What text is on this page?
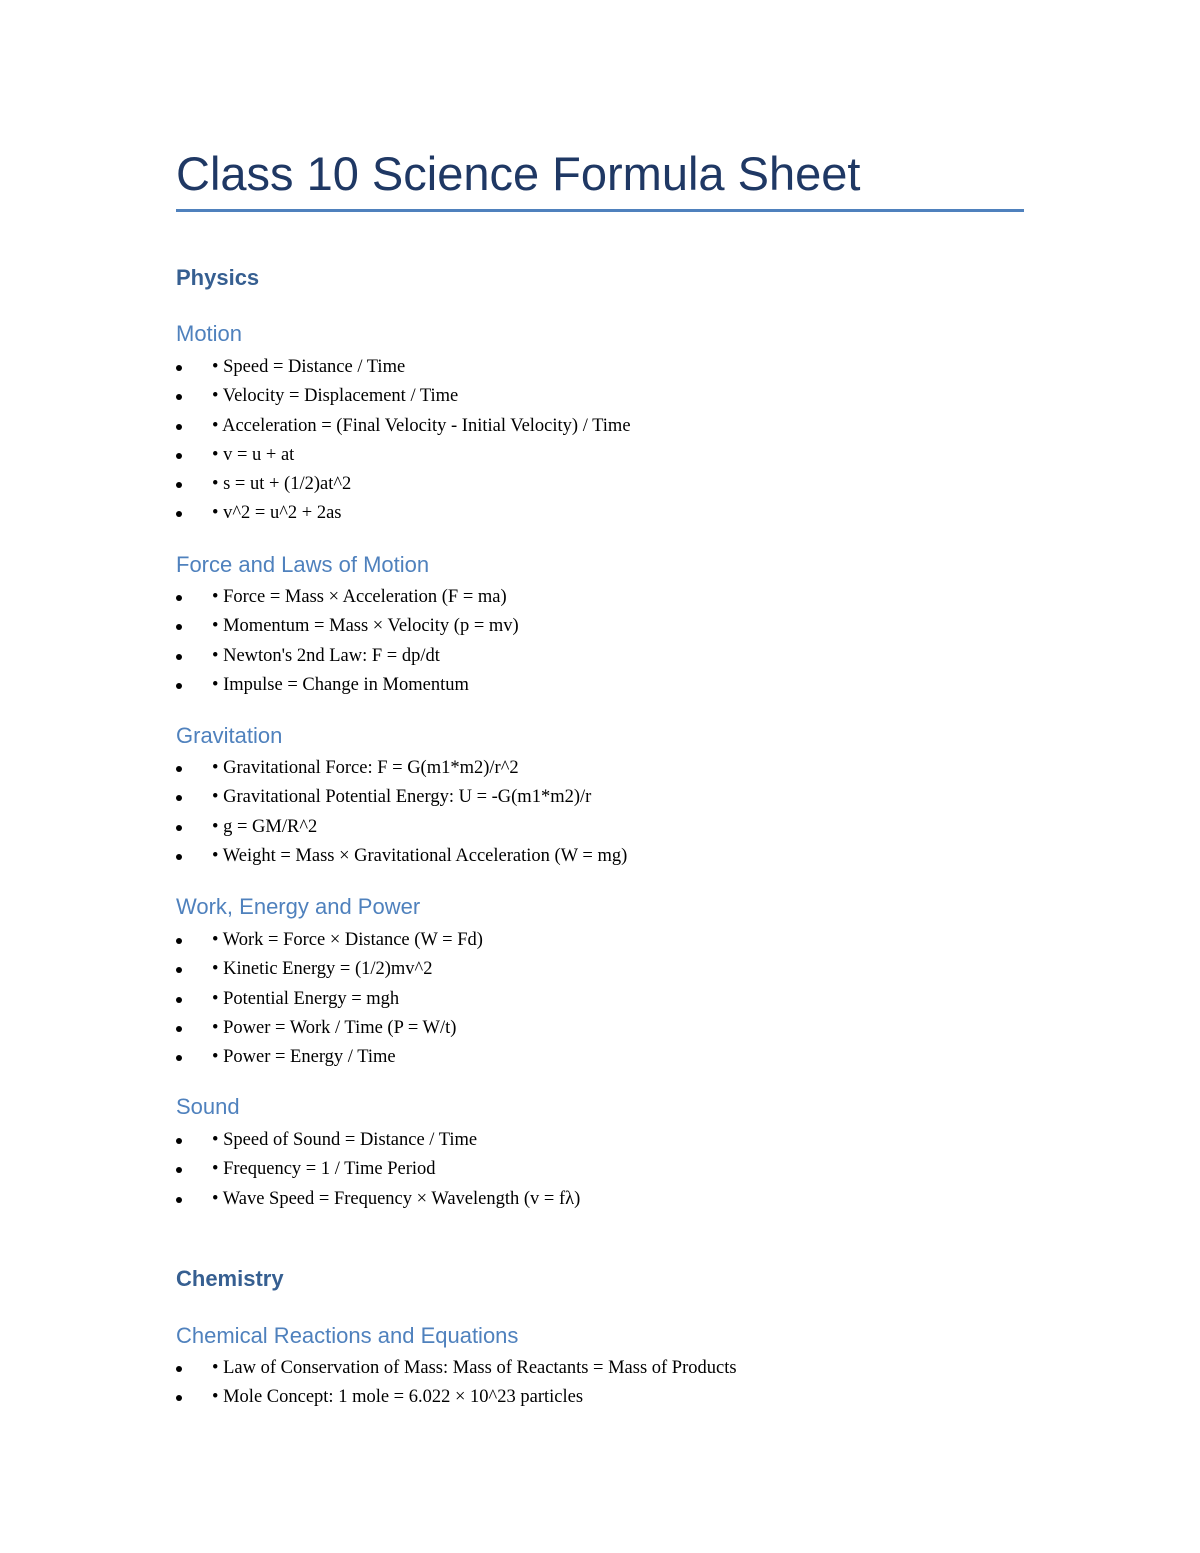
Class 10 Science Formula Sheet
Physics
Motion
• Speed = Distance / Time
• Velocity = Displacement / Time
• Acceleration = (Final Velocity - Initial Velocity) / Time
• v = u + at
• s = ut + (1/2)at^2
• v^2 = u^2 + 2as
Force and Laws of Motion
• Force = Mass × Acceleration (F = ma)
• Momentum = Mass × Velocity (p = mv)
• Newton's 2nd Law: F = dp/dt
• Impulse = Change in Momentum
Gravitation
• Gravitational Force: F = G(m1*m2)/r^2
• Gravitational Potential Energy: U = -G(m1*m2)/r
• g = GM/R^2
• Weight = Mass × Gravitational Acceleration (W = mg)
Work, Energy and Power
• Work = Force × Distance (W = Fd)
• Kinetic Energy = (1/2)mv^2
• Potential Energy = mgh
• Power = Work / Time (P = W/t)
• Power = Energy / Time
Sound
• Speed of Sound = Distance / Time
• Frequency = 1 / Time Period
• Wave Speed = Frequency × Wavelength (v = fλ)
Chemistry
Chemical Reactions and Equations
• Law of Conservation of Mass: Mass of Reactants = Mass of Products
• Mole Concept: 1 mole = 6.022 × 10^23 particles
